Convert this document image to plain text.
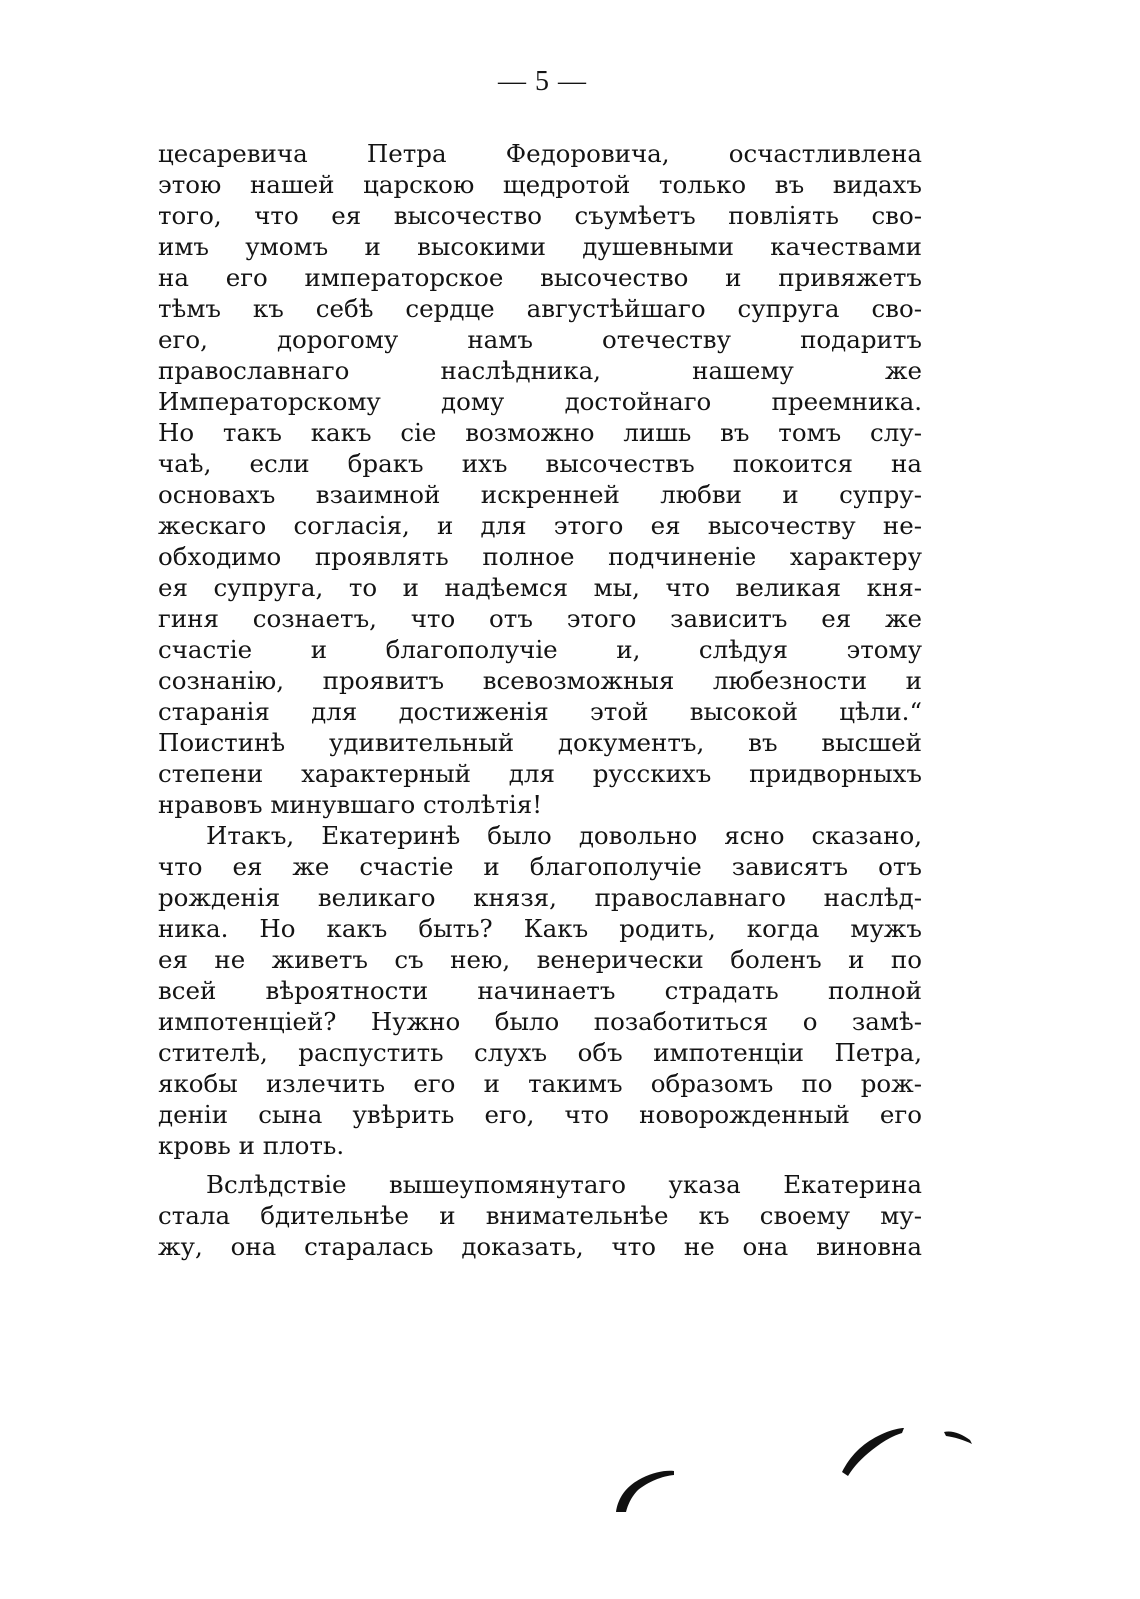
— 5 —
цесаревича Петра Федоровича, осчастливлена
этою нашей царскою щедротой только въ видахъ
того, что ея высочество съумѣетъ повліять сво-
имъ умомъ и высокими душевными качествами
на его императорское высочество и привяжетъ
тѣмъ къ себѣ сердце августѣйшаго супруга сво-
его, дорогому намъ отечеству подаритъ
православнаго наслѣдника, нашему же
Императорскому дому достойнаго преемника.
Но такъ какъ сіе возможно лишь въ томъ слу-
чаѣ, если бракъ ихъ высочествъ покоится на
основахъ взаимной искренней любви и супру-
жескаго согласія, и для этого ея высочеству не-
обходимо проявлять полное подчиненіе характеру
ея супруга, то и надѣемся мы, что великая кня-
гиня сознаетъ, что отъ этого зависитъ ея же
счастіе и благополучіе и, слѣдуя этому
сознанію, проявитъ всевозможныя любезности и
старанія для достиженія этой высокой цѣли.“
Поистинѣ удивительный документъ, въ высшей
степени характерный для русскихъ придворныхъ
нравовъ минувшаго столѣтія!
Итакъ, Екатеринѣ было довольно ясно сказано,
что ея же счастіе и благополучіе зависятъ отъ
рожденія великаго князя, православнаго наслѣд-
ника. Но какъ быть? Какъ родить, когда мужъ
ея не живетъ съ нею, венерически боленъ и по
всей вѣроятности начинаетъ страдать полной
импотенціей? Нужно было позаботиться о замѣ-
стителѣ, распустить слухъ объ импотенціи Петра,
якобы излечить его и такимъ образомъ по рож-
деніи сына увѣрить его, что новорожденный его
кровь и плоть.
Вслѣдствіе вышеупомянутаго указа Екатерина
стала бдительнѣе и внимательнѣе къ своему му-
жу, она старалась доказать, что не она виновна
